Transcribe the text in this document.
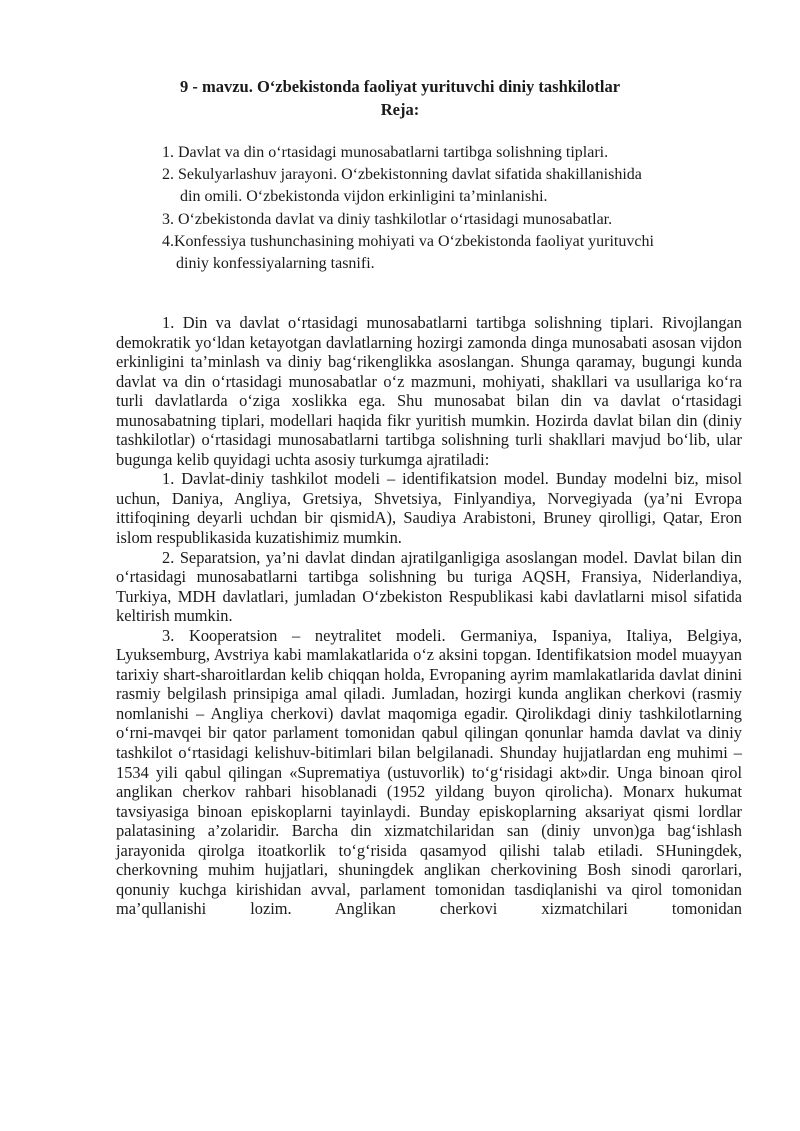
9 - mavzu. O‘zbekistonda faoliyat yurituvchi diniy tashkilotlar
Reja:
1. Davlat va din o‘rtasidagi munosabatlarni tartibga solishning tiplari.
2. Sekulyarlashuv jarayoni. O‘zbekistonning davlat sifatida shakillanishida
din omili. O‘zbekistonda vijdon erkinligini ta’minlanishi.
3. O‘zbekistonda davlat va diniy tashkilotlar o‘rtasidagi munosabatlar.
4.Konfessiya tushunchasining mohiyati va O‘zbekistonda faoliyat yurituvchi
diniy konfessiyalarning tasnifi.

1. Din va davlat o‘rtasidagi munosabatlarni tartibga solishning tiplari. Rivojlangan demokratik yo‘ldan ketayotgan davlatlarning hozirgi zamonda dinga munosabati asosan vijdon erkinligini ta’minlash va diniy bag‘rikenglikka asoslangan. Shunga qaramay, bugungi kunda davlat va din o‘rtasidagi munosabatlar o‘z mazmuni, mohiyati, shakllari va usullariga ko‘ra turli davlatlarda o‘ziga xoslikka ega. Shu munosabat bilan din va davlat o‘rtasidagi munosabatning tiplari, modellari haqida fikr yuritish mumkin. Hozirda davlat bilan din (diniy tashkilotlar) o‘rtasidagi munosabatlarni tartibga solishning turli shakllari mavjud bo‘lib, ular bugunga kelib quyidagi uchta asosiy turkumga ajratiladi:

1. Davlat-diniy tashkilot modeli – identifikatsion model. Bunday modelni biz, misol uchun, Daniya, Angliya, Gretsiya, Shvetsiya, Finlyandiya, Norvegiyada (ya’ni Evropa ittifoqining deyarli uchdan bir qismidA), Saudiya Arabistoni, Bruney qirolligi, Qatar, Eron islom respublikasida kuzatishimiz mumkin.

2. Separatsion, ya’ni davlat dindan ajratilganligiga asoslangan model. Davlat bilan din o‘rtasidagi munosabatlarni tartibga solishning bu turiga AQSH, Fransiya, Niderlandiya, Turkiya, MDH davlatlari, jumladan O‘zbekiston Respublikasi kabi davlatlarni misol sifatida keltirish mumkin.

3. Kooperatsion – neytralitet modeli. Germaniya, Ispaniya, Italiya, Belgiya, Lyuksemburg, Avstriya kabi mamlakatlarida o‘z aksini topgan. Identifikatsion model muayyan tarixiy shart-sharoitlardan kelib chiqqan holda, Evropaning ayrim mamlakatlarida davlat dinini rasmiy belgilash prinsipiga amal qiladi. Jumladan, hozirgi kunda anglikan cherkovi (rasmiy nomlanishi – Angliya cherkovi) davlat maqomiga egadir. Qirolikdagi diniy tashkilotlarning o‘rni-mavqei bir qator parlament tomonidan qabul qilingan qonunlar hamda davlat va diniy tashkilot o‘rtasidagi kelishuv-bitimlari bilan belgilanadi. Shunday hujjatlardan eng muhimi – 1534 yili qabul qilingan «Suprematiya (ustuvorlik) to‘g‘risidagi akt»dir. Unga binoan qirol anglikan cherkov rahbari hisoblanadi (1952 yildang buyon qirolicha). Monarx hukumat tavsiyasiga binoan episkoplarni tayinlaydi. Bunday episkoplarning aksariyat qismi lordlar palatasining a’zolaridir. Barcha din xizmatchilaridan san (diniy unvon)ga bag‘ishlash jarayonida qirolga itoatkorlik to‘g‘risida qasamyod qilishi talab etiladi. SHuningdek, cherkovning muhim hujjatlari, shuningdek anglikan cherkovining Bosh sinodi qarorlari, qonuniy kuchga kirishidan avval, parlament tomonidan tasdiqlanishi va qirol tomonidan ma’qullanishi lozim. Anglikan cherkovi xizmatchilari tomonidan
